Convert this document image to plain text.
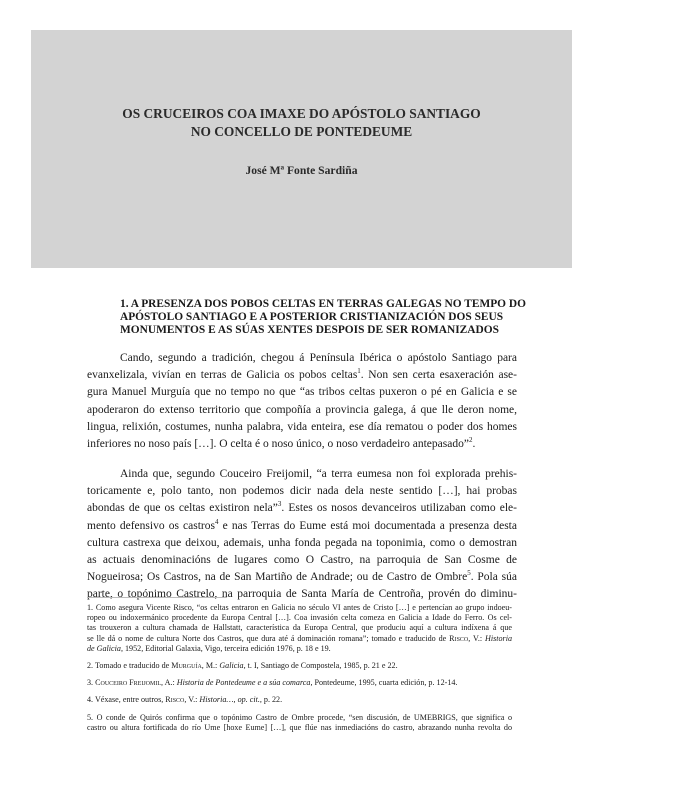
OS CRUCEIROS COA IMAXE DO APÓSTOLO SANTIAGO
NO CONCELLO DE PONTEDEUME
José Mª Fonte Sardiña
1. A PRESENZA DOS POBOS CELTAS EN TERRAS GALEGAS NO TEMPO DO
APÓSTOLO SANTIAGO E A POSTERIOR CRISTIANIZACIÓN DOS SEUS
MONUMENTOS E AS SÚAS XENTES DESPOIS DE SER ROMANIZADOS
Cando, segundo a tradición, chegou á Península Ibérica o apóstolo Santiago para
evanxelizala, vivían en terras de Galicia os pobos celtas$^1$. Non sen certa esaxeración ase-
gura Manuel Murguía que no tempo no que “as tribos celtas puxeron o pé en Galicia e se
apoderaron do extenso territorio que compoñía a provincia galega, á que lle deron nome,
lingua, relixión, costumes, nunha palabra, vida enteira, ese día rematou o poder dos homes
inferiores no noso país […]. O celta é o noso único, o noso verdadeiro antepasado”$^2$.
Ainda que, segundo Couceiro Freijomil, “a terra eumesa non foi explorada prehis-
toricamente e, polo tanto, non podemos dicir nada dela neste sentido […], hai probas
abondas de que os celtas existiron nela”$^3$. Estes os nosos devanceiros utilizaban como ele-
mento defensivo os castros$^4$ e nas Terras do Eume está moi documentada a presenza desta
cultura castrexa que deixou, ademais, unha fonda pegada na toponimia, como o demostran
as actuais denominacións de lugares como O Castro, na parroquia de San Cosme de
Nogueirosa; Os Castros, na de San Martiño de Andrade; ou de Castro de Ombre$^5$. Pola súa
parte, o topónimo Castrelo, na parroquia de Santa María de Centroña, provén do diminu-
1. Como asegura Vicente Risco, “os celtas entraron en Galicia no século VI antes de Cristo […] e pertencían ao grupo indoeu-
ropeo ou indoxermánico procedente da Europa Central […]. Coa invasión celta comeza en Galicia a Idade do Ferro. Os cel-
tas trouxeron a cultura chamada de Hallstatt, característica da Europa Central, que produciu aquí a cultura indíxena á que
se lle dá o nome de cultura Norte dos Castros, que dura até á dominación romana”; tomado e traducido de Risco, V.: Historia
de Galicia, 1952, Editorial Galaxia, Vigo, terceira edición 1976, p. 18 e 19.
2. Tomado e traducido de Murguía, M.: Galicia, t. I, Santiago de Compostela, 1985, p. 21 e 22.
3. Couceiro Freijomil, A.: Historia de Pontedeume e a súa comarca, Pontedeume, 1995, cuarta edición, p. 12-14.
4. Véxase, entre outros, Risco, V.: Historia…, op. cit., p. 22.
5. O conde de Quirós confirma que o topónimo Castro de Ombre procede, “sen discusión, de UMEBRIGS, que significa o
castro ou altura fortificada do río Ume [hoxe Eume] […], que flúe nas inmediacións do castro, abrazando nunha revolta do
